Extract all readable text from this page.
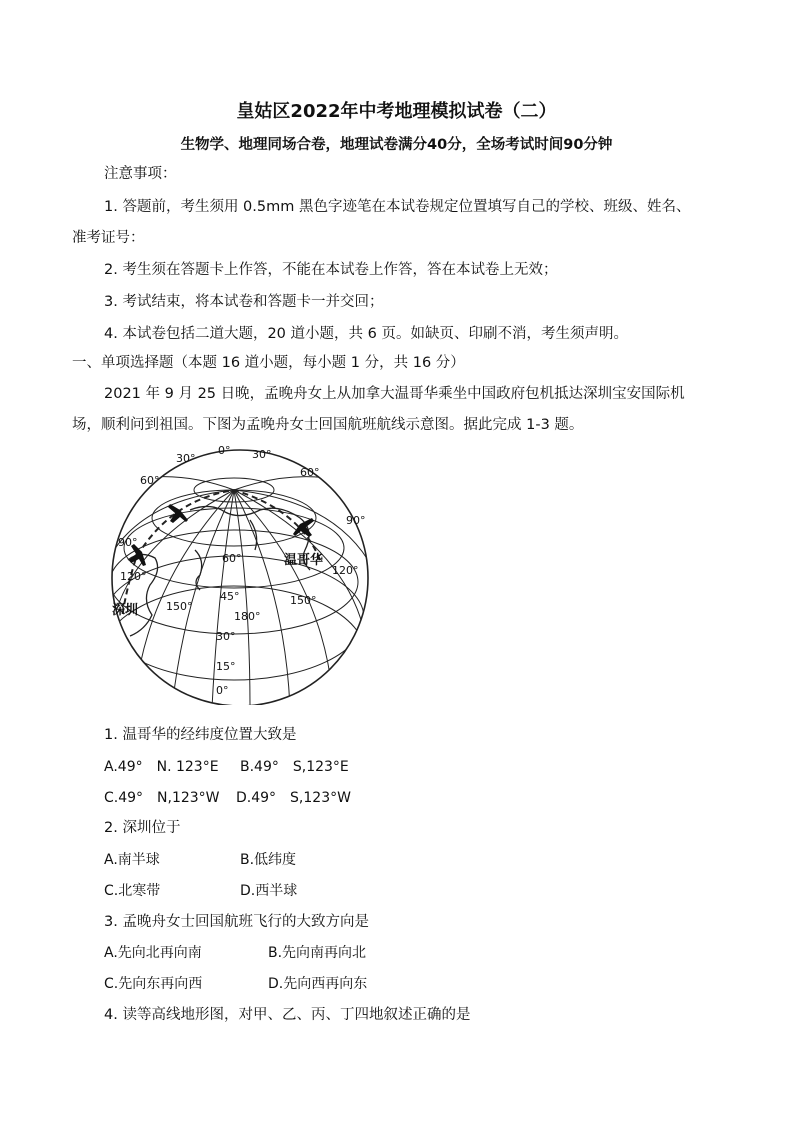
皇姑区2022年中考地理模拟试卷（二）
生物学、地理同场合卷，地理试卷满分40分，全场考试时间90分钟
注意事项：
1. 答题前，考生须用 0.5mm 黑色字迹笔在本试卷规定位置填写自己的学校、班级、姓名、
准考证号：
2. 考生须在答题卡上作答，不能在本试卷上作答，答在本试卷上无效；
3. 考试结束，将本试卷和答题卡一并交回；
4. 本试卷包括二道大题，20 道小题，共 6 页。如缺页、印刷不消，考生须声明。
一、单项选择题（本题 16 道小题，每小题 1 分，共 16 分）
2021 年 9 月 25 日晚，孟晚舟女上从加拿大温哥华乘坐中国政府包机抵达深圳宝安国际机
场，顺利问到祖国。下图为孟晚舟女士回国航班航线示意图。据此完成 1-3 题。
0°
30°	30°
60°
60°
90°
90°
120°	120°
60°
45°
30°
15°
0°
150°
180°
150°
温哥华
深圳
1. 温哥华的经纬度位置大致是
A.49°　N. 123°E B.49°　S,123°E
C.49°　N,123°W D.49°　S,123°W
2. 深圳位于
A.南半球	B.低纬度
C.北寒带	D.西半球
3. 孟晚舟女士回国航班飞行的大致方向是
A.先向北再向南	B.先向南再向北
C.先向东再向西	D.先向西再向东
4. 读等高线地形图，对甲、乙、丙、丁四地叙述正确的是
